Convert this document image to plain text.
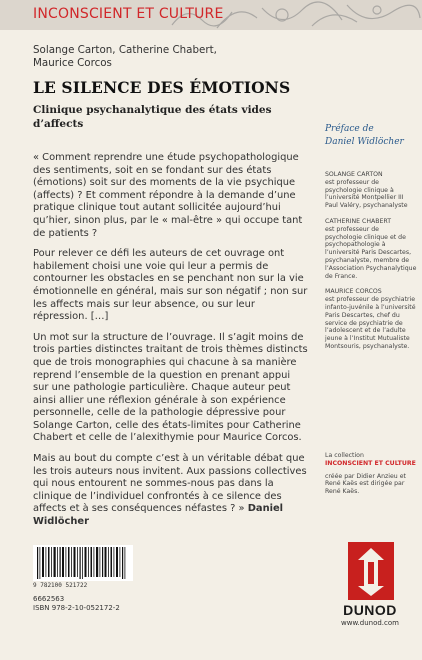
INCONSCIENT ET CULTURE
Solange Carton, Catherine Chabert, Maurice Corcos
LE SILENCE DES ÉMOTIONS
Clinique psychanalytique des états vides d’affects

« Comment reprendre une étude psychopathologique des sentiments, soit en se fondant sur des états (émotions) soit sur des moments de la vie psychique (affects) ? Et comment répondre à la demande d’une pratique clinique tout autant sollicitée aujourd’hui qu’hier, sinon plus, par le « mal-être » qui occupe tant de patients ?

Pour relever ce défi les auteurs de cet ouvrage ont habilement choisi une voie qui leur a permis de contourner les obstacles en se penchant non sur la vie émotionnelle en général, mais sur son négatif ; non sur les affects mais sur leur absence, ou sur leur répression. […]

Un mot sur la structure de l’ouvrage. Il s’agit moins de trois parties distinctes traitant de trois thèmes distincts que de trois monographies qui chacune à sa manière reprend l’ensemble de la question en prenant appui sur une pathologie particulière. Chaque auteur peut ainsi allier une réflexion générale à son expérience personnelle, celle de la pathologie dépressive pour Solange Carton, celle des états-limites pour Catherine Chabert et celle de l’alexithymie pour Maurice Corcos.

Mais au bout du compte c’est à un véritable débat que les trois auteurs nous invitent. Aux passions collectives qui nous entourent ne sommes-nous pas dans la clinique de l’individuel confrontés à ce silence des affects et à ses conséquences néfastes ? » Daniel Widlöcher

Préface de
Daniel Widlöcher
SOLANGE CARTON
est professeur de psychologie clinique à l’université Montpellier III Paul Valéry, psychanalyste
CATHERINE CHABERT
est professeur de psychologie clinique et de psychopathologie à l’université Paris Descartes, psychanalyste, membre de l’Association Psychanalytique de France.
MAURICE CORCOS
est professeur de psychiatrie infanto-juvénile à l’université Paris Descartes, chef du service de psychiatrie de l’adolescent et de l’adulte jeune à l’Institut Mutualiste Montsouris, psychanalyste.
La collection
INCONSCIENT ET CULTURE
créée par Didier Anzieu et René Kaës est dirigée par René Kaës.
9 782100 521722
6662563
ISBN 978-2-10-052172-2	DUNOD
www.dunod.com
